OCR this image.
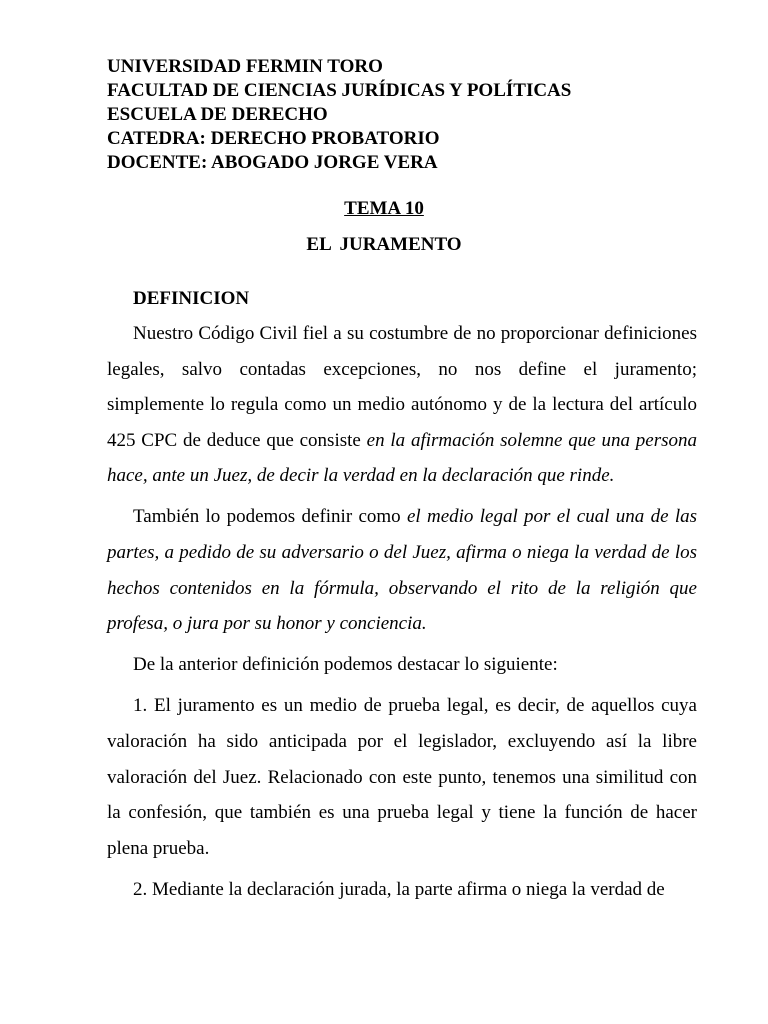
UNIVERSIDAD FERMIN TORO
FACULTAD DE CIENCIAS JURÍDICAS Y POLÍTICAS
ESCUELA DE DERECHO
CATEDRA: DERECHO PROBATORIO
DOCENTE: ABOGADO JORGE VERA
TEMA 10
EL JURAMENTO
DEFINICION

Nuestro Código Civil fiel a su costumbre de no proporcionar definiciones legales, salvo contadas excepciones, no nos define el juramento; simplemente lo regula como un medio autónomo y de la lectura del artículo 425 CPC de deduce que consiste en la afirmación solemne que una persona hace, ante un Juez, de decir la verdad en la declaración que rinde.

También lo podemos definir como el medio legal por el cual una de las partes, a pedido de su adversario o del Juez, afirma o niega la verdad de los hechos contenidos en la fórmula, observando el rito de la religión que profesa, o jura por su honor y conciencia.

De la anterior definición podemos destacar lo siguiente:

1. El juramento es un medio de prueba legal, es decir, de aquellos cuya valoración ha sido anticipada por el legislador, excluyendo así la libre valoración del Juez. Relacionado con este punto, tenemos una similitud con la confesión, que también es una prueba legal y tiene la función de hacer plena prueba.

2. Mediante la declaración jurada, la parte afirma o niega la verdad de
